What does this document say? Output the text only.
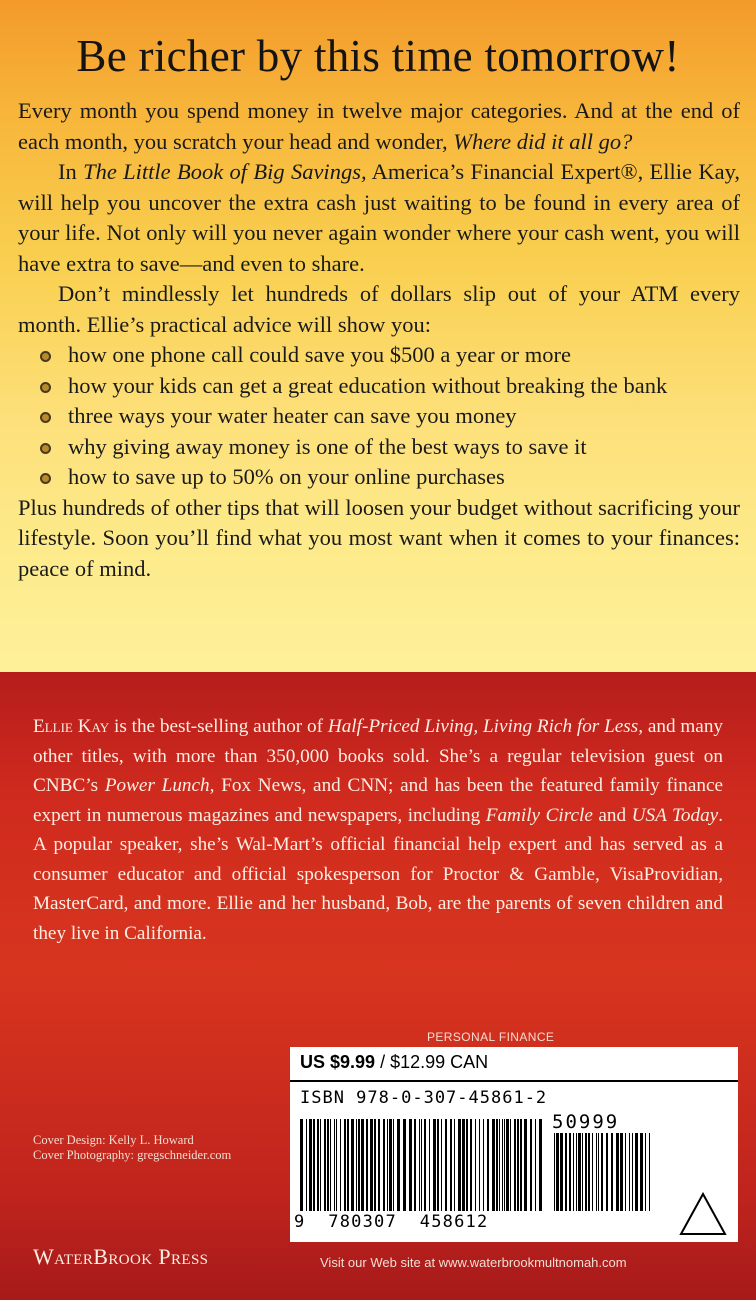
Be richer by this time tomorrow!

Every month you spend money in twelve major categories. And at the end of each month, you scratch your head and wonder, Where did it all go?

In The Little Book of Big Savings, America’s Financial Expert®, Ellie Kay, will help you uncover the extra cash just waiting to be found in every area of your life. Not only will you never again wonder where your cash went, you will have extra to save—and even to share.

Don’t mindlessly let hundreds of dollars slip out of your ATM every month. Ellie’s practical advice will show you:

how one phone call could save you $500 a year or more
how your kids can get a great education without breaking the bank
three ways your water heater can save you money
why giving away money is one of the best ways to save it
how to save up to 50% on your online purchases

Plus hundreds of other tips that will loosen your budget without sacrificing your lifestyle. Soon you’ll find what you most want when it comes to your finances: peace of mind.

Ellie Kay is the best-selling author of Half-Priced Living, Living Rich for Less, and many other titles, with more than 350,000 books sold. She’s a regular television guest on CNBC’s Power Lunch, Fox News, and CNN; and has been the featured family finance expert in numerous magazines and newspapers, including Family Circle and USA Today. A popular speaker, she’s Wal-Mart’s official financial help expert and has served as a consumer educator and official spokesperson for Proctor & Gamble, VisaProvidian, MasterCard, and more. Ellie and her husband, Bob, are the parents of seven children and they live in California.

PERSONAL FINANCE
US $9.99 / $12.99 CAN
ISBN 978-0-307-45861-2
50999
9  780307  458612
Cover Design: Kelly L. Howard
Cover Photography: gregschneider.com
WaterBrook Press	Visit our Web site at www.waterbrookmultnomah.com
